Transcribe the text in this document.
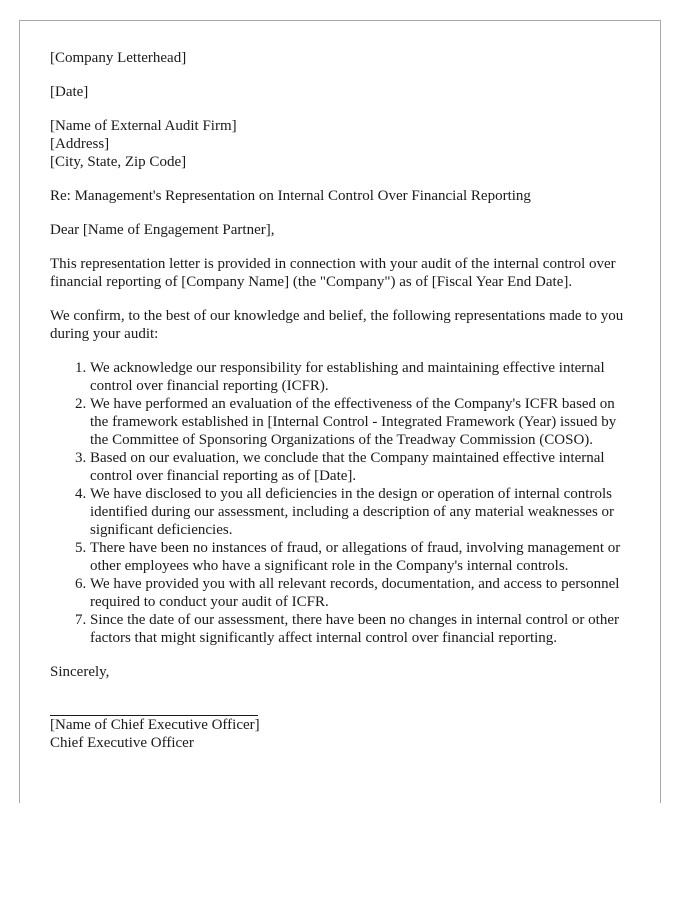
[Company Letterhead]

[Date]

[Name of External Audit Firm]
[Address]
[City, State, Zip Code]

Re: Management's Representation on Internal Control Over Financial Reporting

Dear [Name of Engagement Partner],

This representation letter is provided in connection with your audit of the internal control over financial reporting of [Company Name] (the "Company") as of [Fiscal Year End Date].

We confirm, to the best of our knowledge and belief, the following representations made to you during your audit:

1. We acknowledge our responsibility for establishing and maintaining effective internal control over financial reporting (ICFR).
2. We have performed an evaluation of the effectiveness of the Company's ICFR based on the framework established in [Internal Control - Integrated Framework (Year) issued by the Committee of Sponsoring Organizations of the Treadway Commission (COSO).
3. Based on our evaluation, we conclude that the Company maintained effective internal control over financial reporting as of [Date].
4. We have disclosed to you all deficiencies in the design or operation of internal controls identified during our assessment, including a description of any material weaknesses or significant deficiencies.
5. There have been no instances of fraud, or allegations of fraud, involving management or other employees who have a significant role in the Company's internal controls.
6. We have provided you with all relevant records, documentation, and access to personnel required to conduct your audit of ICFR.
7. Since the date of our assessment, there have been no changes in internal control or other factors that might significantly affect internal control over financial reporting.

Sincerely,

[Name of Chief Executive Officer]
Chief Executive Officer
